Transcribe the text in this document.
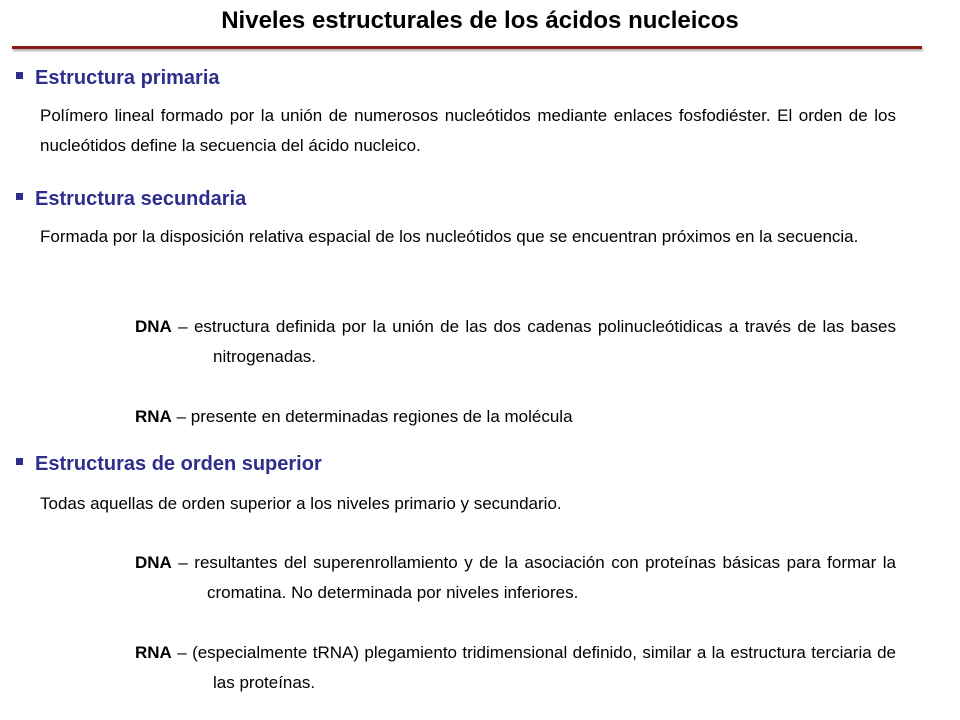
Niveles estructurales de los ácidos nucleicos
Estructura primaria
Polímero lineal formado por la unión de numerosos nucleótidos mediante enlaces fosfodiéster. El orden de los nucleótidos define la secuencia del ácido nucleico.
Estructura secundaria
Formada por la disposición relativa espacial de los nucleótidos que se encuentran próximos en la secuencia.
DNA – estructura definida por la unión de las dos cadenas polinucleótidicas a través de las bases nitrogenadas.
RNA – presente en determinadas regiones de la molécula
Estructuras de orden superior
Todas aquellas de orden superior a los niveles primario y secundario.
DNA – resultantes del superenrollamiento y de la asociación con proteínas básicas para formar la cromatina. No determinada por niveles inferiores.
RNA – (especialmente tRNA) plegamiento tridimensional definido, similar a la estructura terciaria de las proteínas.
